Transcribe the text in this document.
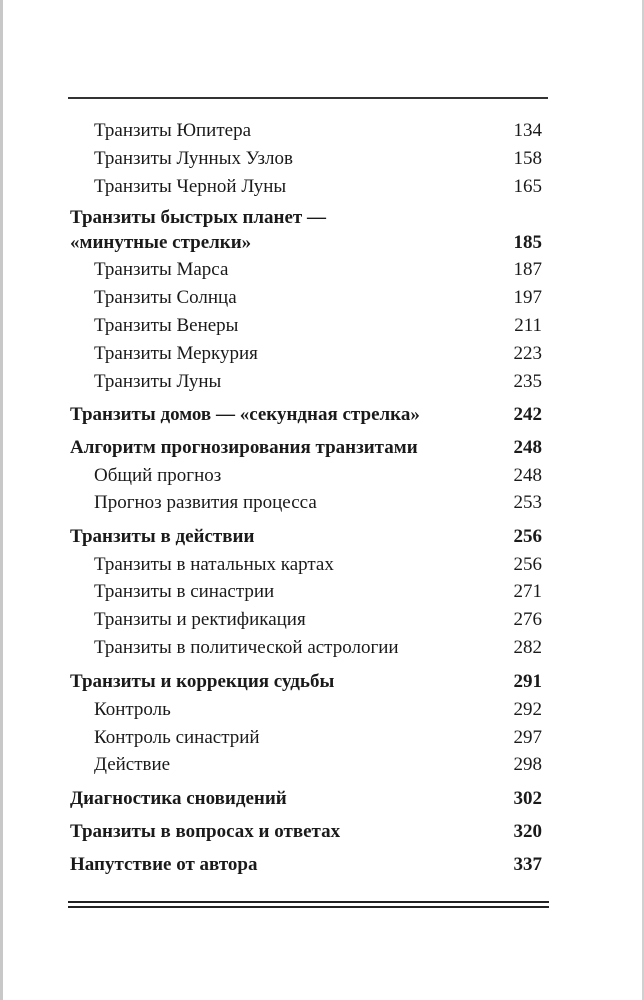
Транзиты Юпитера	134
Транзиты Лунных Узлов	158
Транзиты Черной Луны	165
Транзиты быстрых планет —
«минутные стрелки»	185
Транзиты Марса	187
Транзиты Солнца	197
Транзиты Венеры	211
Транзиты Меркурия	223
Транзиты Луны	235
Транзиты домов — «секундная стрелка»	242
Алгоритм прогнозирования транзитами	248
Общий прогноз	248
Прогноз развития процесса	253
Транзиты в действии	256
Транзиты в натальных картах	256
Транзиты в синастрии	271
Транзиты и ректификация	276
Транзиты в политической астрологии	282
Транзиты и коррекция судьбы	291
Контроль	292
Контроль синастрий	297
Действие	298
Диагностика сновидений	302
Транзиты в вопросах и ответах	320
Напутствие от автора	337
